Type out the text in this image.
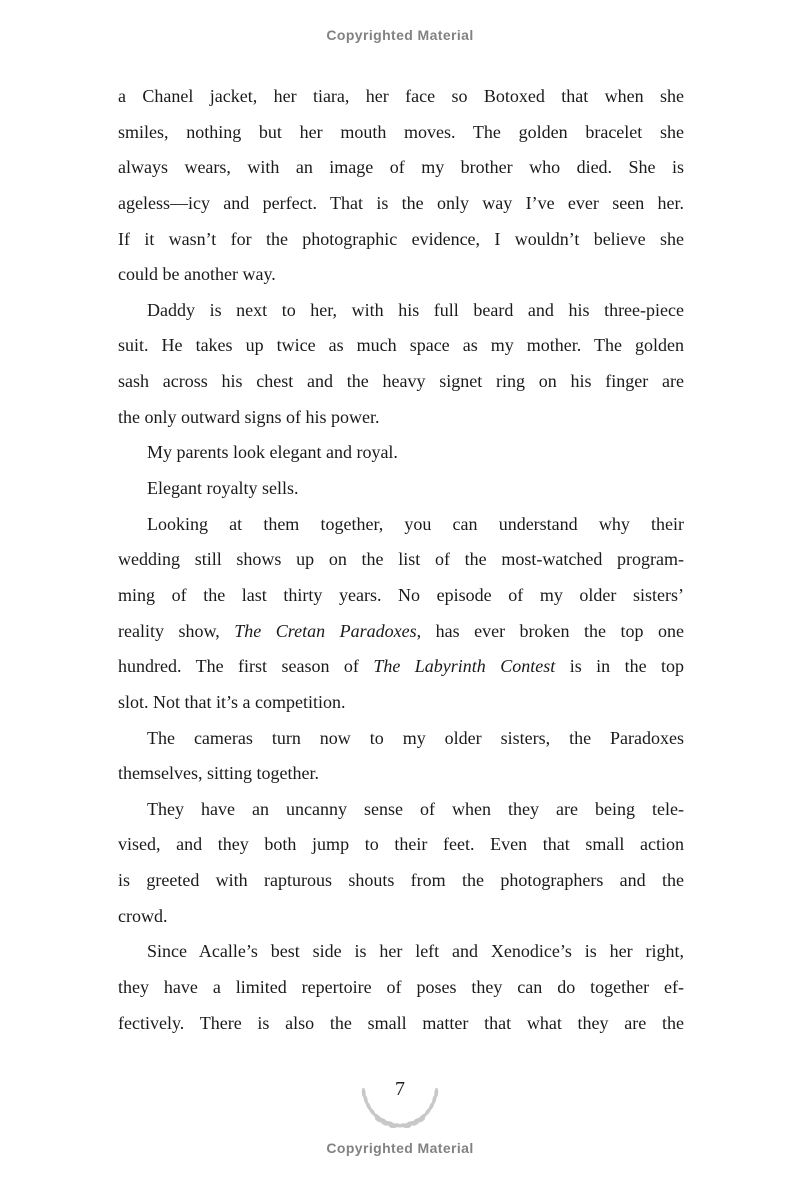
Copyrighted Material
a Chanel jacket, her tiara, her face so Botoxed that when she
smiles, nothing but her mouth moves. The golden bracelet she
always wears, with an image of my brother who died. She is
ageless—icy and perfect. That is the only way I’ve ever seen her.
If it wasn’t for the photographic evidence, I wouldn’t believe she
could be another way.
Daddy is next to her, with his full beard and his three-piece
suit. He takes up twice as much space as my mother. The golden
sash across his chest and the heavy signet ring on his finger are
the only outward signs of his power.
My parents look elegant and royal.
Elegant royalty sells.
Looking at them together, you can understand why their
wedding still shows up on the list of the most-watched program-
ming of the last thirty years. No episode of my older sisters’
reality show, The Cretan Paradoxes, has ever broken the top one
hundred. The first season of The Labyrinth Contest is in the top
slot. Not that it’s a competition.
The cameras turn now to my older sisters, the Paradoxes
themselves, sitting together.
They have an uncanny sense of when they are being tele-
vised, and they both jump to their feet. Even that small action
is greeted with rapturous shouts from the photographers and the
crowd.
Since Acalle’s best side is her left and Xenodice’s is her right,
they have a limited repertoire of poses they can do together ef-
fectively. There is also the small matter that what they are the
7
Copyrighted Material
